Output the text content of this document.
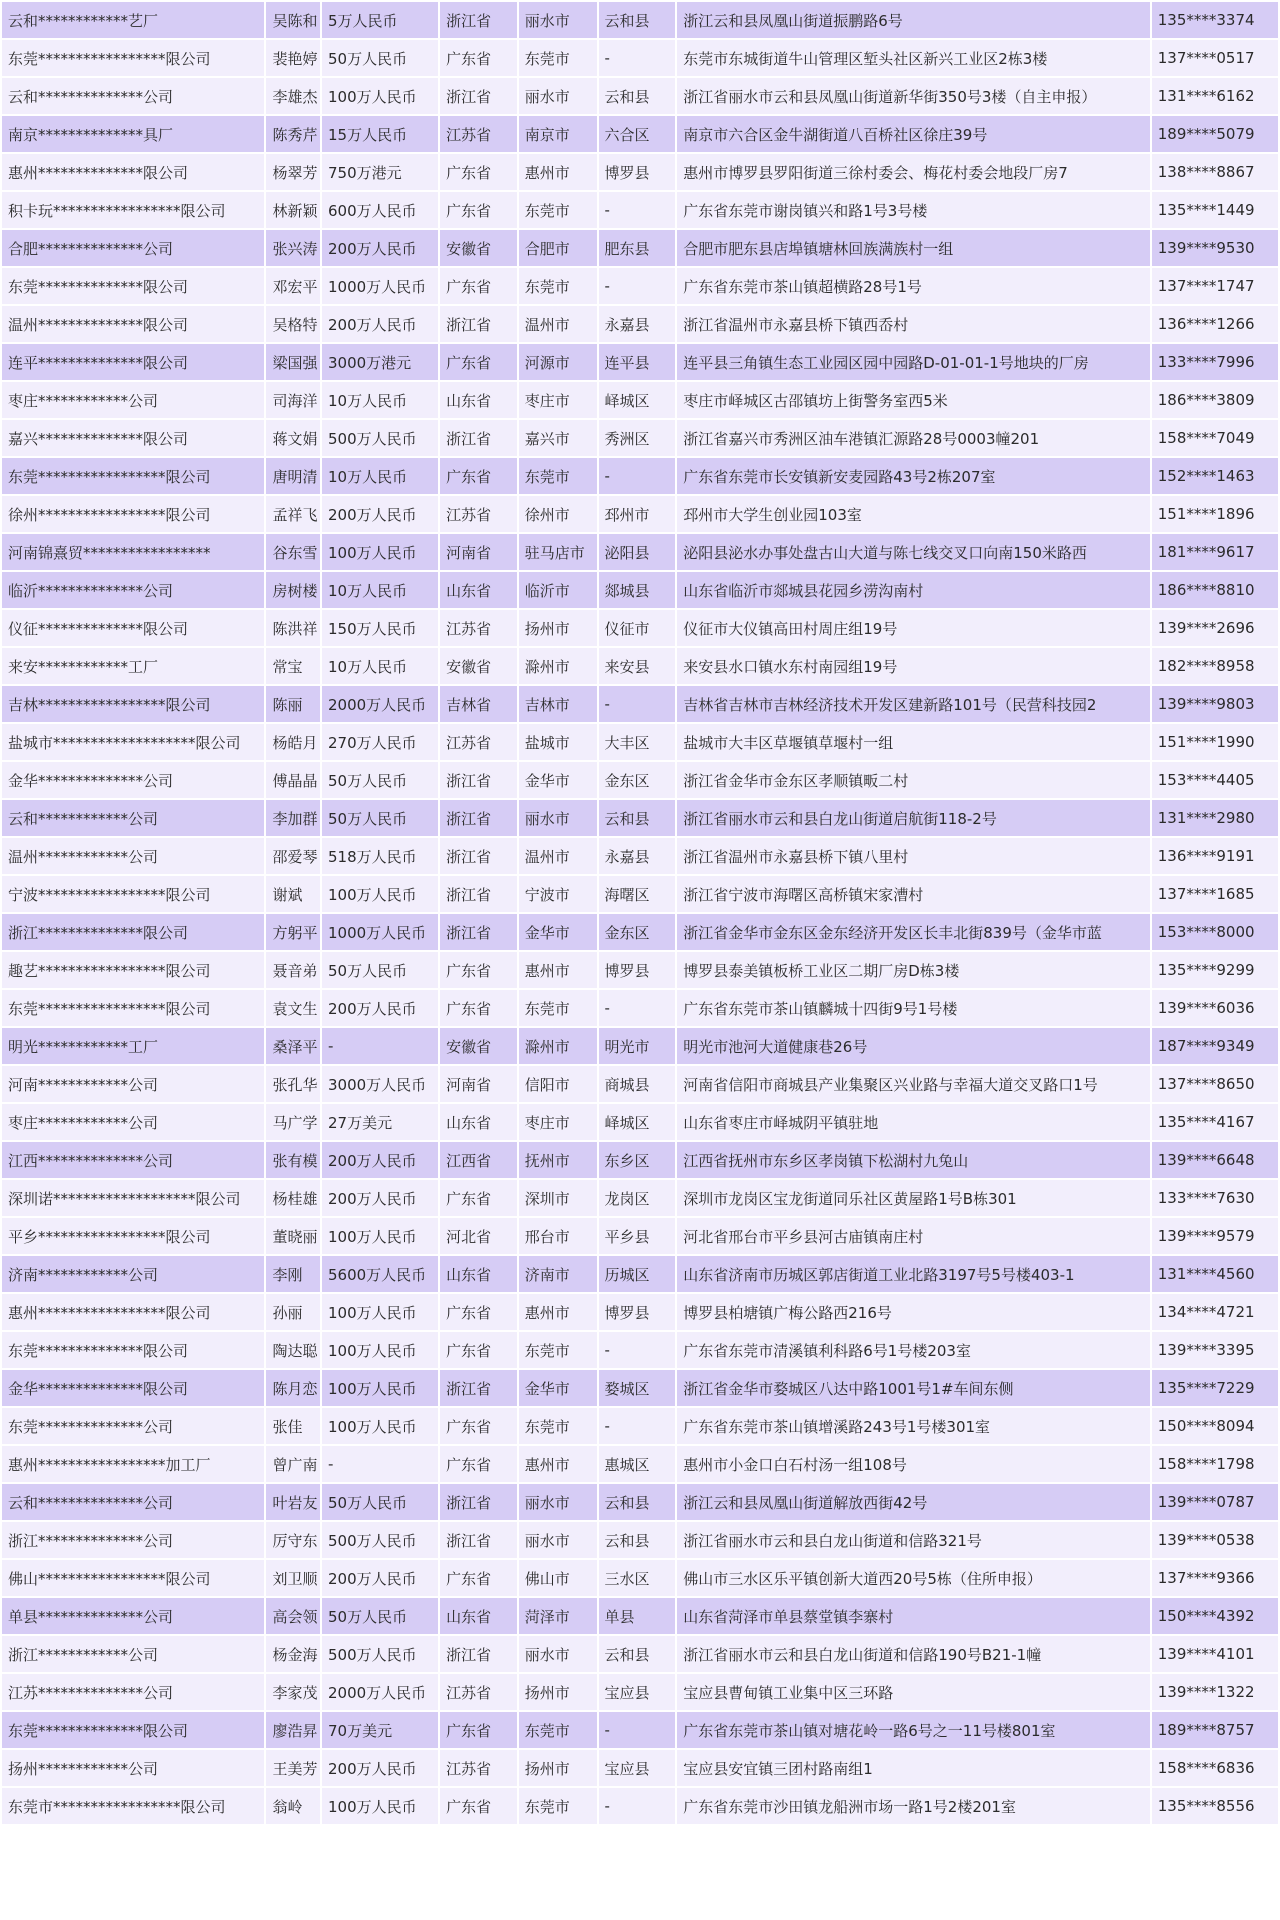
云和************艺厂	吴陈和	5万人民币	浙江省	丽水市	云和县	浙江云和县凤凰山街道振鹏路6号	135****3374
东莞*****************限公司	裴艳婷	50万人民币	广东省	东莞市	-	东莞市东城街道牛山管理区堑头社区新兴工业区2栋3楼	137****0517
云和**************公司	李雄杰	100万人民币	浙江省	丽水市	云和县	浙江省丽水市云和县凤凰山街道新华街350号3楼（自主申报）	131****6162
南京**************具厂	陈秀芹	15万人民币	江苏省	南京市	六合区	南京市六合区金牛湖街道八百桥社区徐庄39号	189****5079
惠州**************限公司	杨翠芳	750万港元	广东省	惠州市	博罗县	惠州市博罗县罗阳街道三徐村委会、梅花村委会地段厂房7	138****8867
积卡玩*****************限公司	林新颖	600万人民币	广东省	东莞市	-	广东省东莞市谢岗镇兴和路1号3号楼	135****1449
合肥**************公司	张兴涛	200万人民币	安徽省	合肥市	肥东县	合肥市肥东县店埠镇塘林回族满族村一组	139****9530
东莞**************限公司	邓宏平	1000万人民币	广东省	东莞市	-	广东省东莞市茶山镇超横路28号1号	137****1747
温州**************限公司	吴格特	200万人民币	浙江省	温州市	永嘉县	浙江省温州市永嘉县桥下镇西岙村	136****1266
连平**************限公司	梁国强	3000万港元	广东省	河源市	连平县	连平县三角镇生态工业园区园中园路D-01-01-1号地块的厂房	133****7996
枣庄************公司	司海洋	10万人民币	山东省	枣庄市	峄城区	枣庄市峄城区古邵镇坊上街警务室西5米	186****3809
嘉兴**************限公司	蒋文娟	500万人民币	浙江省	嘉兴市	秀洲区	浙江省嘉兴市秀洲区油车港镇汇源路28号0003幢201	158****7049
东莞*****************限公司	唐明清	10万人民币	广东省	东莞市	-	广东省东莞市长安镇新安麦园路43号2栋207室	152****1463
徐州*****************限公司	孟祥飞	200万人民币	江苏省	徐州市	邳州市	邳州市大学生创业园103室	151****1896
河南锦熹贸*****************	谷东雪	100万人民币	河南省	驻马店市	泌阳县	泌阳县泌水办事处盘古山大道与陈七线交叉口向南150米路西	181****9617
临沂**************公司	房树楼	10万人民币	山东省	临沂市	郯城县	山东省临沂市郯城县花园乡涝沟南村	186****8810
仪征**************限公司	陈洪祥	150万人民币	江苏省	扬州市	仪征市	仪征市大仪镇高田村周庄组19号	139****2696
来安************工厂	常宝	10万人民币	安徽省	滁州市	来安县	来安县水口镇水东村南园组19号	182****8958
吉林*****************限公司	陈丽	2000万人民币	吉林省	吉林市	-	吉林省吉林市吉林经济技术开发区建新路101号（民营科技园2	139****9803
盐城市*******************限公司	杨皓月	270万人民币	江苏省	盐城市	大丰区	盐城市大丰区草堰镇草堰村一组	151****1990
金华**************公司	傅晶晶	50万人民币	浙江省	金华市	金东区	浙江省金华市金东区孝顺镇畈二村	153****4405
云和************公司	李加群	50万人民币	浙江省	丽水市	云和县	浙江省丽水市云和县白龙山街道启航街118-2号	131****2980
温州************公司	邵爱琴	518万人民币	浙江省	温州市	永嘉县	浙江省温州市永嘉县桥下镇八里村	136****9191
宁波*****************限公司	谢斌	100万人民币	浙江省	宁波市	海曙区	浙江省宁波市海曙区高桥镇宋家漕村	137****1685
浙江**************限公司	方躬平	1000万人民币	浙江省	金华市	金东区	浙江省金华市金东区金东经济开发区长丰北街839号（金华市蓝	153****8000
趣艺*****************限公司	聂音弟	50万人民币	广东省	惠州市	博罗县	博罗县泰美镇板桥工业区二期厂房D栋3楼	135****9299
东莞*****************限公司	袁文生	200万人民币	广东省	东莞市	-	广东省东莞市茶山镇麟城十四街9号1号楼	139****6036
明光************工厂	桑泽平	-	安徽省	滁州市	明光市	明光市池河大道健康巷26号	187****9349
河南************公司	张孔华	3000万人民币	河南省	信阳市	商城县	河南省信阳市商城县产业集聚区兴业路与幸福大道交叉路口1号	137****8650
枣庄************公司	马广学	27万美元	山东省	枣庄市	峄城区	山东省枣庄市峄城阴平镇驻地	135****4167
江西**************公司	张有模	200万人民币	江西省	抚州市	东乡区	江西省抚州市东乡区孝岗镇下松湖村九兔山	139****6648
深圳诺*******************限公司	杨桂雄	200万人民币	广东省	深圳市	龙岗区	深圳市龙岗区宝龙街道同乐社区黄屋路1号B栋301	133****7630
平乡*****************限公司	董晓丽	100万人民币	河北省	邢台市	平乡县	河北省邢台市平乡县河古庙镇南庄村	139****9579
济南************公司	李刚	5600万人民币	山东省	济南市	历城区	山东省济南市历城区郭店街道工业北路3197号5号楼403-1	131****4560
惠州*****************限公司	孙丽	100万人民币	广东省	惠州市	博罗县	博罗县柏塘镇广梅公路西216号	134****4721
东莞**************限公司	陶达聪	100万人民币	广东省	东莞市	-	广东省东莞市清溪镇利科路6号1号楼203室	139****3395
金华**************限公司	陈月恋	100万人民币	浙江省	金华市	婺城区	浙江省金华市婺城区八达中路1001号1#车间东侧	135****7229
东莞**************公司	张佳	100万人民币	广东省	东莞市	-	广东省东莞市茶山镇增溪路243号1号楼301室	150****8094
惠州*****************加工厂	曾广南	-	广东省	惠州市	惠城区	惠州市小金口白石村汤一组108号	158****1798
云和**************公司	叶岩友	50万人民币	浙江省	丽水市	云和县	浙江云和县凤凰山街道解放西街42号	139****0787
浙江**************公司	厉守东	500万人民币	浙江省	丽水市	云和县	浙江省丽水市云和县白龙山街道和信路321号	139****0538
佛山*****************限公司	刘卫顺	200万人民币	广东省	佛山市	三水区	佛山市三水区乐平镇创新大道西20号5栋（住所申报）	137****9366
单县**************公司	高会领	50万人民币	山东省	菏泽市	单县	山东省菏泽市单县蔡堂镇李寨村	150****4392
浙江************公司	杨金海	500万人民币	浙江省	丽水市	云和县	浙江省丽水市云和县白龙山街道和信路190号B21-1幢	139****4101
江苏**************公司	李家茂	2000万人民币	江苏省	扬州市	宝应县	宝应县曹甸镇工业集中区三环路	139****1322
东莞**************限公司	廖浩昇	70万美元	广东省	东莞市	-	广东省东莞市茶山镇对塘花岭一路6号之一11号楼801室	189****8757
扬州************公司	王美芳	200万人民币	江苏省	扬州市	宝应县	宝应县安宜镇三团村路南组1	158****6836
东莞市*****************限公司	翁岭	100万人民币	广东省	东莞市	-	广东省东莞市沙田镇龙船洲市场一路1号2楼201室	135****8556
